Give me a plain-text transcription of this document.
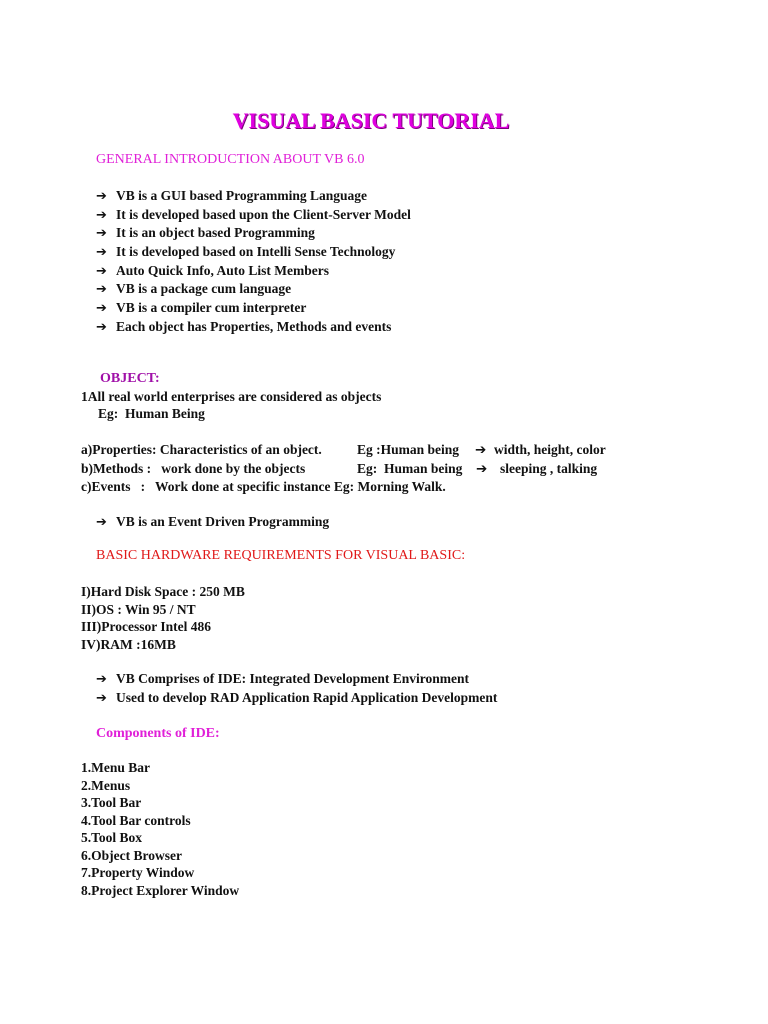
VISUAL BASIC TUTORIAL

GENERAL INTRODUCTION ABOUT VB 6.0

➔ VB is a GUI based Programming Language
➔ It is developed based upon the Client-Server Model
➔ It is an object based Programming
➔ It is developed based on Intelli Sense Technology
➔ Auto Quick Info, Auto List Members
➔ VB is a package cum language
➔ VB is a compiler cum interpreter
➔ Each object has Properties, Methods and events

OBJECT:

1All real world enterprises are considered as objects

Eg:  Human Being

a)Properties: Characteristics of an object.	Eg :Human being ➔ width, height, color
b)Methods :   work done by the objects	Eg:  Human being ➔ sleeping , talking

c)Events   :   Work done at specific instance Eg: Morning Walk.

➔ VB is an Event Driven Programming

BASIC HARDWARE REQUIREMENTS FOR VISUAL BASIC:

I)Hard Disk Space : 250 MB
II)OS : Win 95 / NT
III)Processor Intel 486
IV)RAM :16MB
➔ VB Comprises of IDE: Integrated Development Environment
➔ Used to develop RAD Application Rapid Application Development

Components of IDE:

1.Menu Bar
2.Menus
3.Tool Bar
4.Tool Bar controls
5.Tool Box
6.Object Browser
7.Property Window
8.Project Explorer Window
